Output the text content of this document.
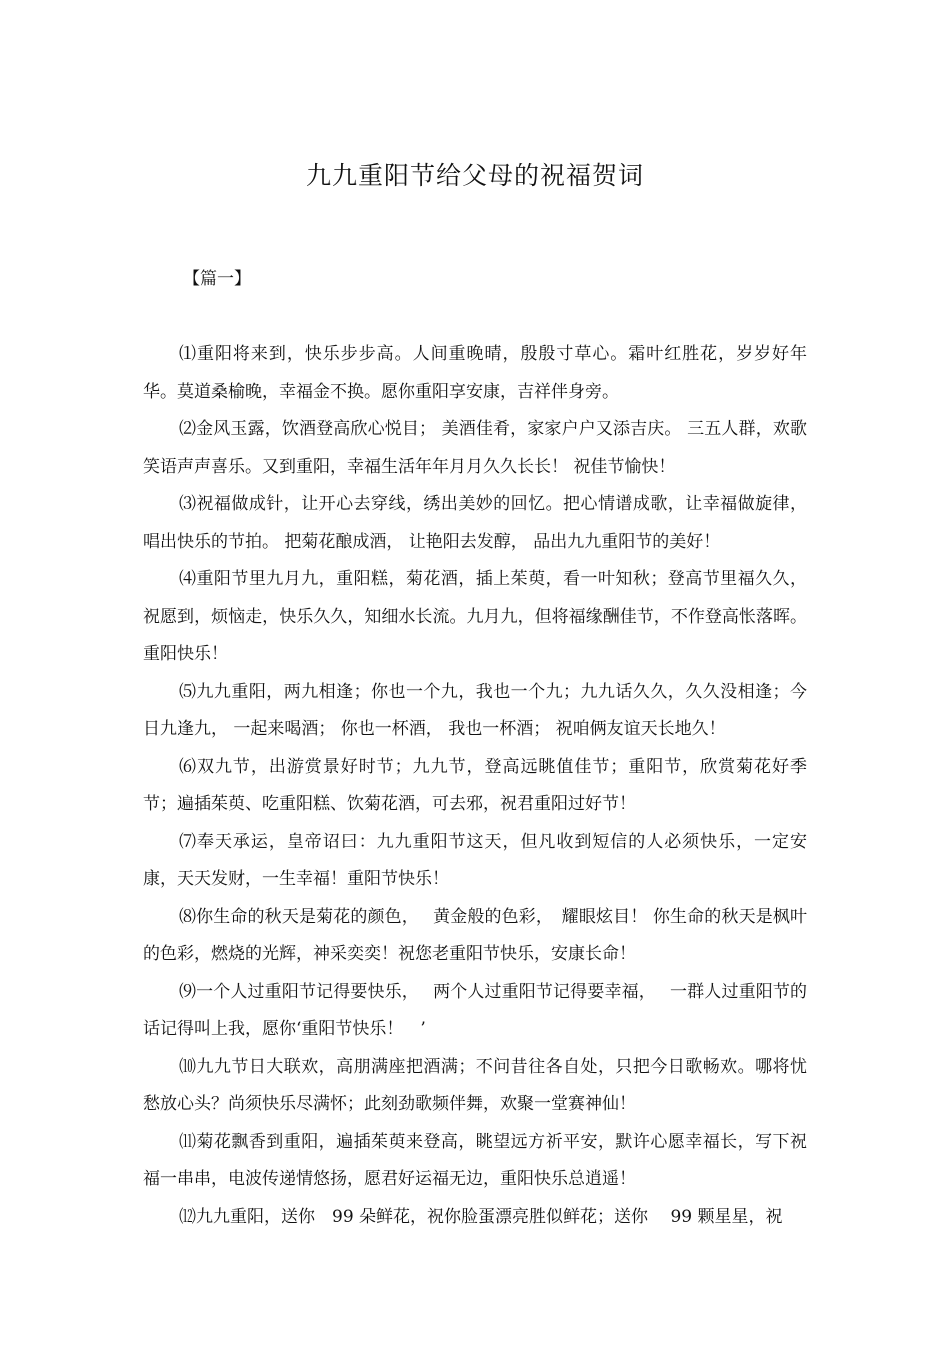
九九重阳节给父母的祝福贺词
【篇一】

⑴重阳将来到，快乐步步高。人间重晚晴，殷殷寸草心。霜叶红胜花，岁岁好年华。莫道桑榆晚，幸福金不换。愿你重阳享安康，吉祥伴身旁。

⑵金风玉露，饮酒登高欣心悦目； 美酒佳肴，家家户户又添吉庆。 三五人群，欢歌笑语声声喜乐。又到重阳，幸福生活年年月月久久长长！ 祝佳节愉快！

⑶祝福做成针，让开心去穿线，绣出美妙的回忆。把心情谱成歌，让幸福做旋律，唱出快乐的节拍。 把菊花酿成酒， 让艳阳去发醇， 品出九九重阳节的美好！

⑷重阳节里九月九，重阳糕，菊花酒，插上茱萸，看一叶知秋；登高节里福久久，祝愿到，烦恼走，快乐久久，知细水长流。九月九，但将福缘酬佳节，不作登高怅落晖。重阳快乐！

⑸九九重阳，两九相逢；你也一个九，我也一个九；九九话久久，久久没相逢；今日九逢九， 一起来喝酒； 你也一杯酒， 我也一杯酒； 祝咱俩友谊天长地久！

⑹双九节，出游赏景好时节；九九节，登高远眺值佳节；重阳节，欣赏菊花好季节；遍插茱萸、吃重阳糕、饮菊花酒，可去邪，祝君重阳过好节！

⑺奉天承运，皇帝诏曰：九九重阳节这天，但凡收到短信的人必须快乐，一定安康，天天发财，一生幸福！重阳节快乐！

⑻你生命的秋天是菊花的颜色，　 黄金般的色彩，　耀眼炫目！ 你生命的秋天是枫叶的色彩，燃烧的光辉，神采奕奕！祝您老重阳节快乐，安康长命！

⑼一个人过重阳节记得要快乐，　 两个人过重阳节记得要幸福，　 一群人过重阳节的话记得叫上我，愿你‘重阳节快乐！　’

⑽九九节日大联欢，高朋满座把酒满；不问昔往各自处，只把今日歌畅欢。哪将忧愁放心头？尚须快乐尽满怀；此刻劲歌频伴舞，欢聚一堂赛神仙！

⑾菊花飘香到重阳，遍插茱萸来登高，眺望远方祈平安，默许心愿幸福长，写下祝福一串串，电波传递情悠扬，愿君好运福无边，重阳快乐总逍遥！

⑿九九重阳，送你　99 朵鲜花，祝你脸蛋漂亮胜似鲜花；送你　 99 颗星星，祝
